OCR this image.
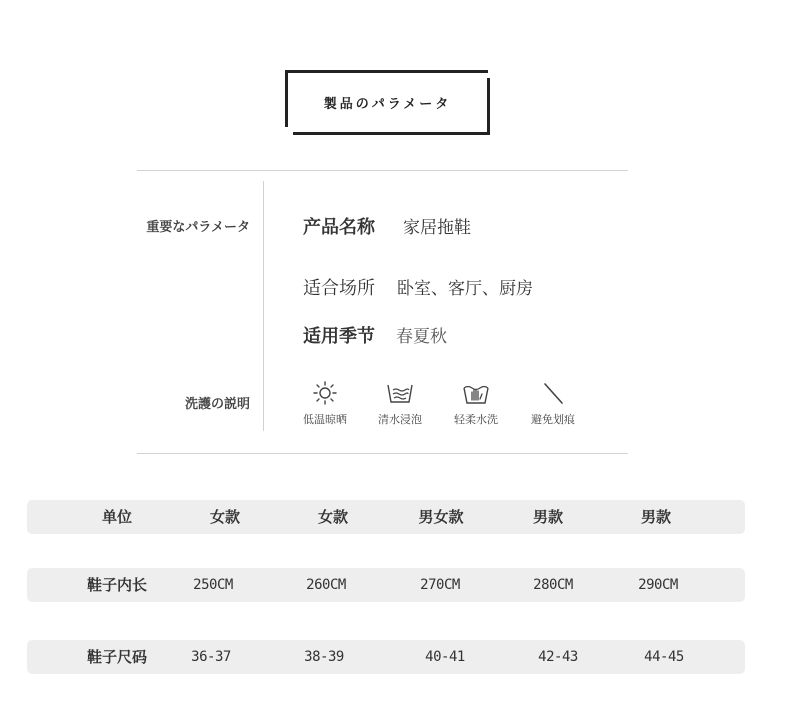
製品のパラメータ
重要なパラメータ
洗護の説明
产品名称 家居拖鞋
适合场所 卧室、客厅、厨房
适用季节 春夏秋
低温晾晒	清水浸泡	轻柔水洗	避免划痕
单位	女款	女款	男女款	男款	男款
鞋子内长	250CM	260CM	270CM	280CM	290CM
鞋子尺码	36-37	38-39	40-41	42-43	44-45
